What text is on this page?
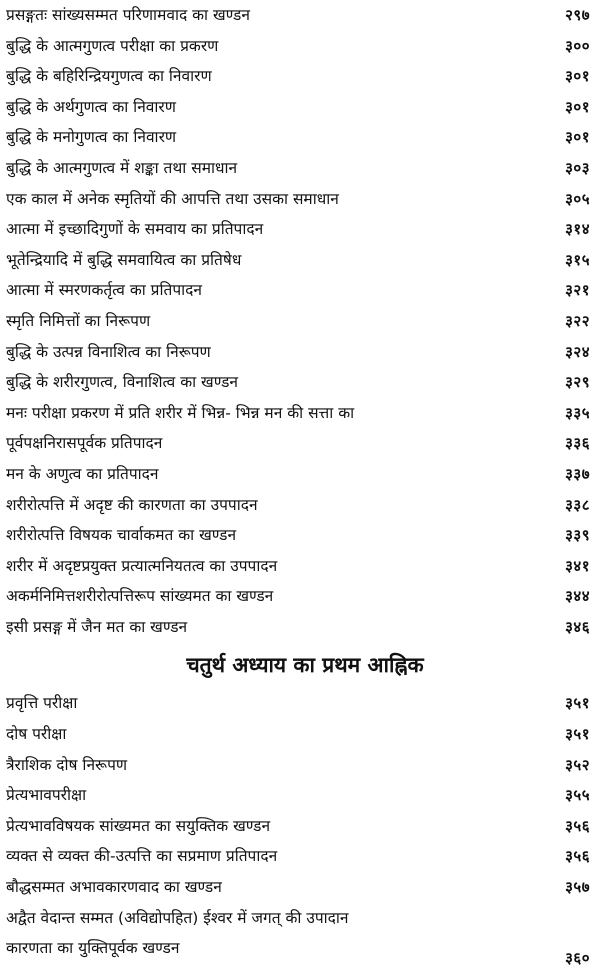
प्रसङ्गतः सांख्यसम्मत परिणामवाद का खण्डन	२९७
बुद्धि के आत्मगुणत्व परीक्षा का प्रकरण	३००
बुद्धि के बहिरिन्द्रियगुणत्व का निवारण	३०१
बुद्धि के अर्थगुणत्व का निवारण	३०१
बुद्धि के मनोगुणत्व का निवारण	३०१
बुद्धि के आत्मगुणत्व में शङ्का तथा समाधान	३०३
एक काल में अनेक स्मृतियों की आपत्ति तथा उसका समाधान	३०५
आत्मा में इच्छादिगुणों के समवाय का प्रतिपादन	३१४
भूतेन्द्रियादि में बुद्धि समवायित्व का प्रतिषेध	३१५
आत्मा में स्मरणकर्तृत्व का प्रतिपादन	३२१
स्मृति निमित्तों का निरूपण	३२२
बुद्धि के उत्पन्न विनाशित्व का निरूपण	३२४
बुद्धि के शरीरगुणत्व, विनाशित्व का खण्डन	३२९
मनः परीक्षा प्रकरण में प्रति शरीर में भिन्न- भिन्न मन की सत्ता का	३३५
पूर्वपक्षनिरासपूर्वक प्रतिपादन	३३६
मन के अणुत्व का प्रतिपादन	३३७
शरीरोत्पत्ति में अदृष्ट की कारणता का उपपादन	३३८
शरीरोत्पत्ति विषयक चार्वाकमत का खण्डन	३३९
शरीर में अदृष्टप्रयुक्त प्रत्यात्मनियतत्व का उपपादन	३४१
अकर्मनिमित्तशरीरोत्पत्तिरूप सांख्यमत का खण्डन	३४४
इसी प्रसङ्ग में जैन मत का खण्डन	३४६
चतुर्थ अध्याय का प्रथम आह्निक
प्रवृत्ति परीक्षा	३५१
दोष परीक्षा	३५१
त्रैराशिक दोष निरूपण	३५२
प्रेत्यभावपरीक्षा	३५५
प्रेत्यभावविषयक सांख्यमत का सयुक्तिक खण्डन	३५६
व्यक्त से व्यक्त की-उत्पत्ति का सप्रमाण प्रतिपादन	३५६
बौद्धसम्मत अभावकारणवाद का खण्डन	३५७
अद्वैत वेदान्त सम्मत (अविद्योपहित) ईश्वर में जगत् की उपादान
कारणता का युक्तिपूर्वक खण्डन
३६०
